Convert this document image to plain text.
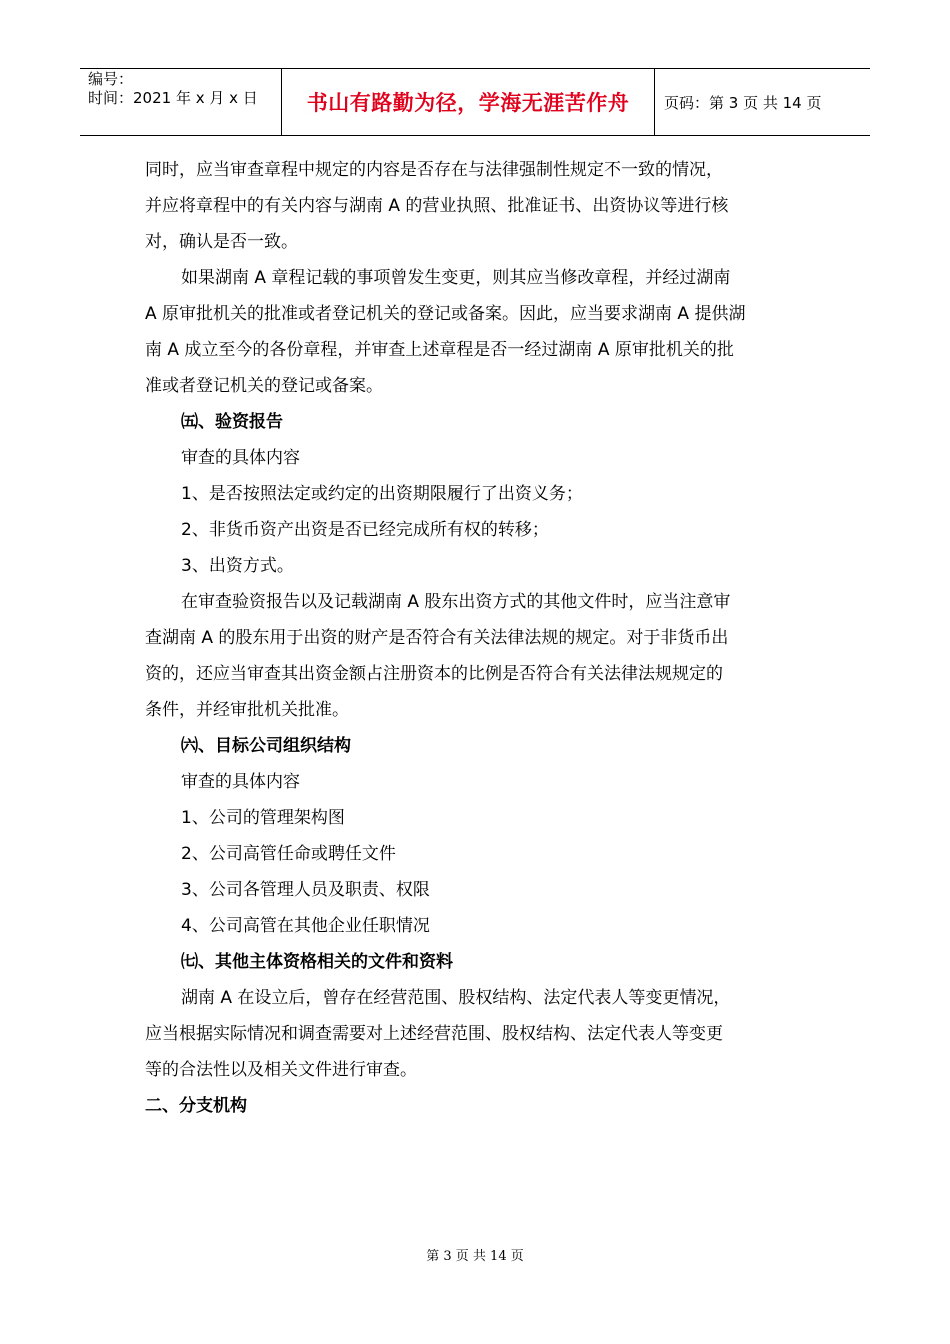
编号：
时间：2021 年 x 月 x 日	书山有路勤为径，学海无涯苦作舟	页码：第 3 页 共 14 页

同时，应当审查章程中规定的内容是否存在与法律强制性规定不一致的情况，

并应将章程中的有关内容与湖南 A 的营业执照、批准证书、出资协议等进行核

对，确认是否一致。

如果湖南 A 章程记载的事项曾发生变更，则其应当修改章程，并经过湖南

A 原审批机关的批准或者登记机关的登记或备案。因此，应当要求湖南 A 提供湖

南 A 成立至今的各份章程，并审查上述章程是否一经过湖南 A 原审批机关的批

准或者登记机关的登记或备案。

㈤、验资报告

审查的具体内容

1、是否按照法定或约定的出资期限履行了出资义务；

2、非货币资产出资是否已经完成所有权的转移；

3、出资方式。

在审查验资报告以及记载湖南 A 股东出资方式的其他文件时，应当注意审

查湖南 A 的股东用于出资的财产是否符合有关法律法规的规定。对于非货币出

资的，还应当审查其出资金额占注册资本的比例是否符合有关法律法规规定的

条件，并经审批机关批准。

㈥、目标公司组织结构

审查的具体内容

1、公司的管理架构图

2、公司高管任命或聘任文件

3、公司各管理人员及职责、权限

4、公司高管在其他企业任职情况

㈦、其他主体资格相关的文件和资料

湖南 A 在设立后，曾存在经营范围、股权结构、法定代表人等变更情况，

应当根据实际情况和调查需要对上述经营范围、股权结构、法定代表人等变更

等的合法性以及相关文件进行审查。

二、分支机构

第 3 页 共 14 页
